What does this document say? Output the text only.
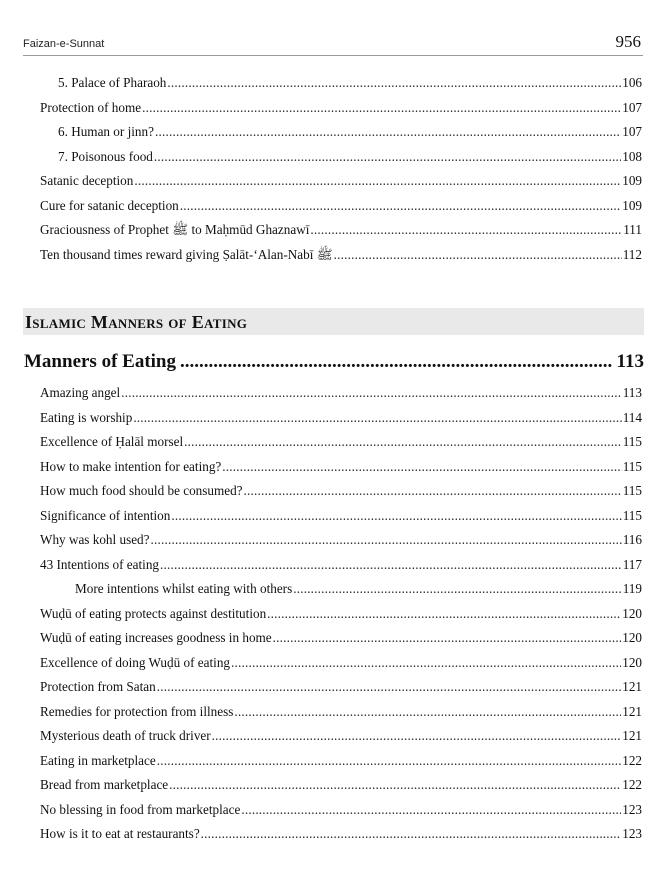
Faizan-e-Sunnat	956
5. Palace of Pharaoh .....	106
Protection of home .....	107
6. Human or jinn? .....	107
7. Poisonous food .....	108
Satanic deception .....	109
Cure for satanic deception .....	109
Graciousness of Prophet ﷺ to Maḥmūd Ghaznawī .....	111
Ten thousand times reward giving Ṣalāt-‘Alan-Nabī ﷺ .....	112
Islamic Manners of Eating
Manners of Eating .....	113
Amazing angel .....	113
Eating is worship .....	114
Excellence of Ḥalāl morsel .....	115
How to make intention for eating? .....	115
How much food should be consumed? .....	115
Significance of intention .....	115
Why was kohl used? .....	116
43 Intentions of eating .....	117
More intentions whilst eating with others .....	119
Wuḍū of eating protects against destitution .....	120
Wuḍū of eating increases goodness in home .....	120
Excellence of doing Wuḍū of eating .....	120
Protection from Satan .....	121
Remedies for protection from illness .....	121
Mysterious death of truck driver .....	121
Eating in marketplace .....	122
Bread from marketplace .....	122
No blessing in food from marketplace .....	123
How is it to eat at restaurants? .....	123
